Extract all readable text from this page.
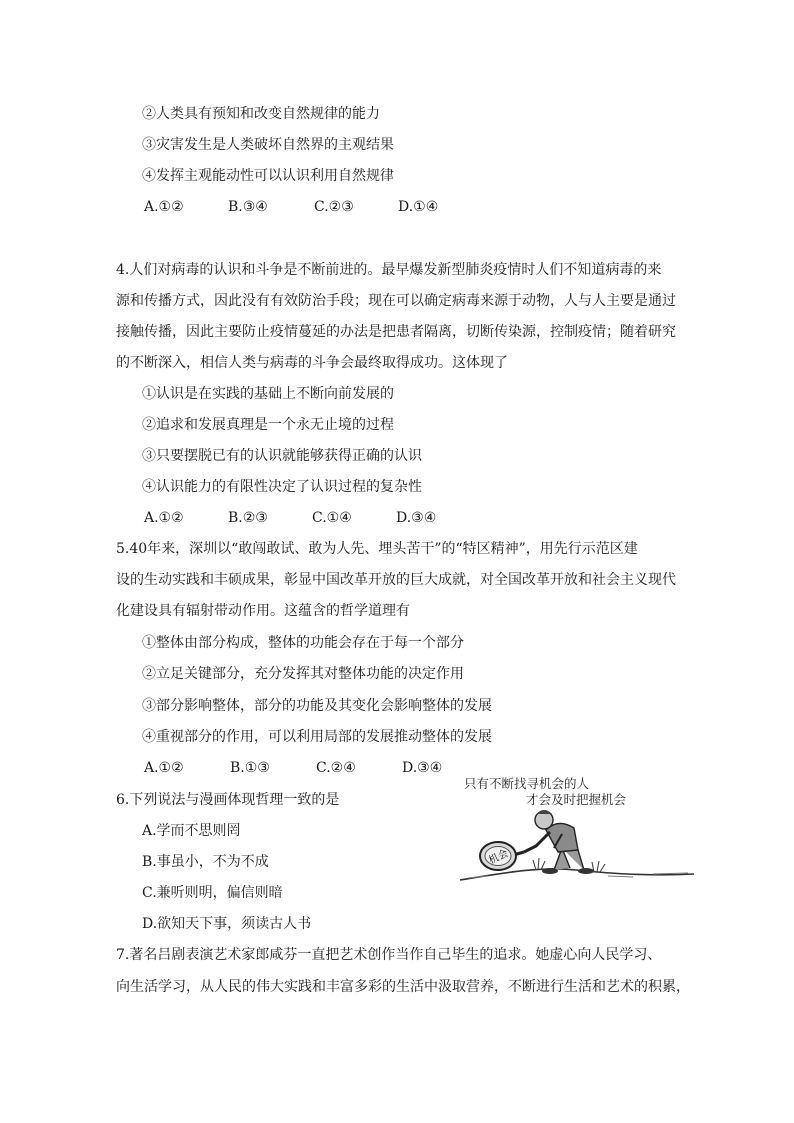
②人类具有预知和改变自然规律的能力
③灾害发生是人类破坏自然界的主观结果
④发挥主观能动性可以认识利用自然规律
A.①②	B.③④	C.②③	D.①④
4.人们对病毒的认识和斗争是不断前进的。最早爆发新型肺炎疫情时人们不知道病毒的来
源和传播方式，因此没有有效防治手段；现在可以确定病毒来源于动物，人与人主要是通过
接触传播，因此主要防止疫情蔓延的办法是把患者隔离，切断传染源，控制疫情；随着研究
的不断深入，相信人类与病毒的斗争会最终取得成功。这体现了
①认识是在实践的基础上不断向前发展的
②追求和发展真理是一个永无止境的过程
③只要摆脱已有的认识就能够获得正确的认识
④认识能力的有限性决定了认识过程的复杂性
A.①②	B.②③	C.①④	D.③④
5.40年来，深圳以“敢闯敢试、敢为人先、埋头苦干”的“特区精神”，用先行示范区建
设的生动实践和丰硕成果，彰显中国改革开放的巨大成就，对全国改革开放和社会主义现代
化建设具有辐射带动作用。这蕴含的哲学道理有
①整体由部分构成，整体的功能会存在于每一个部分
②立足关键部分，充分发挥其对整体功能的决定作用
③部分影响整体，部分的功能及其变化会影响整体的发展
④重视部分的作用，可以利用局部的发展推动整体的发展
A.①②	B.①③	C.②④	D.③④
6.下列说法与漫画体现哲理一致的是
A.学而不思则罔
B.事虽小，不为不成
C.兼听则明，偏信则暗
D.欲知天下事，须读古人书
只有不断找寻机会的人
才会及时把握机会
机会
7.著名吕剧表演艺术家郎咸芬一直把艺术创作当作自己毕生的追求。她虚心向人民学习、
向生活学习，从人民的伟大实践和丰富多彩的生活中汲取营养，不断进行生活和艺术的积累，
